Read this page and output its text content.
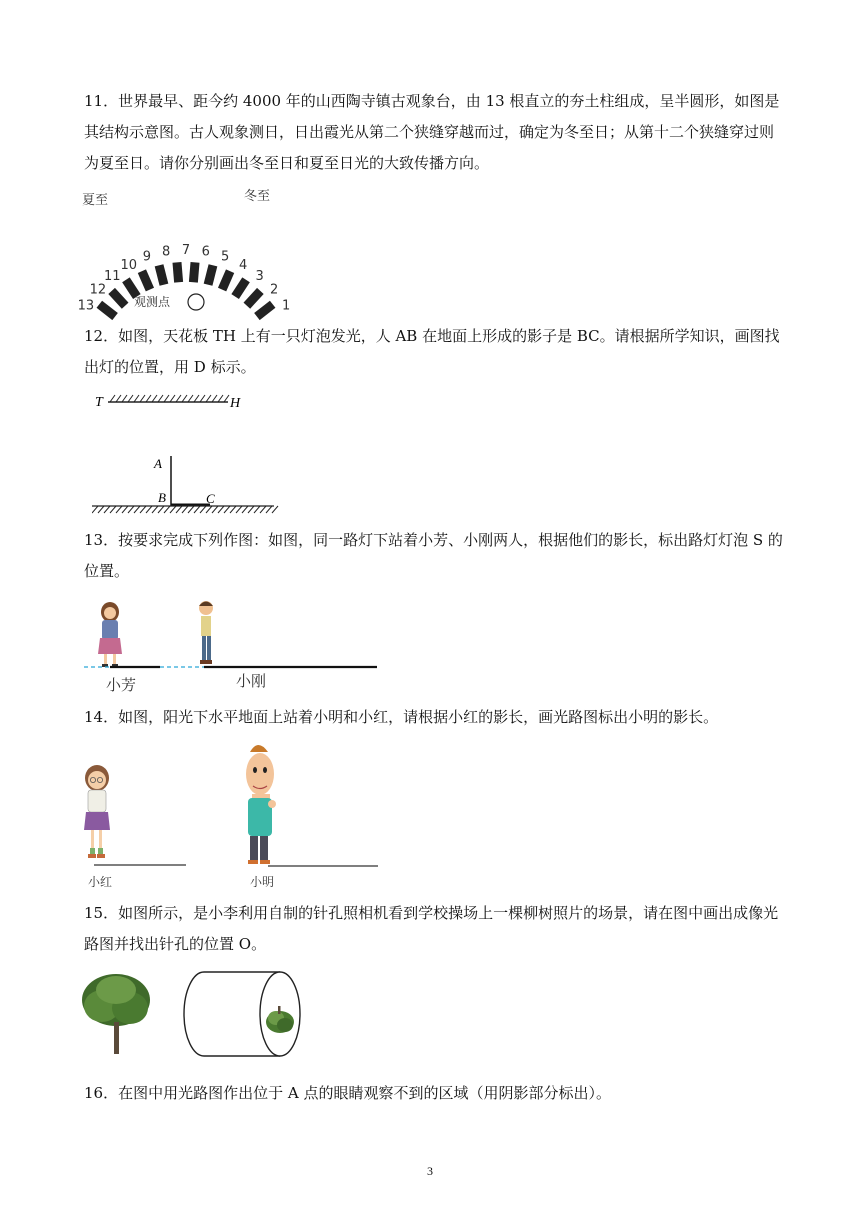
11．世界最早、距今约 4000 年的山西陶寺镇古观象台，由 13 根直立的夯土柱组成，呈半圆形，如图是其结构示意图。古人观象测日，日出霞光从第二个狭缝穿越而过，确定为冬至日；从第十二个狭缝穿过则为夏至日。请你分别画出冬至日和夏至日光的大致传播方向。

夏至	冬至
13
12
11
10
9 8 7 6 5
4
3
2
1
观测点

12．如图，天花板 TH 上有一只灯泡发光，人 AB 在地面上形成的影子是 BC。请根据所学知识，画图找出灯的位置，用 D 标示。

T	H
A
B	C

13．按要求完成下列作图：如图，同一路灯下站着小芳、小刚两人，根据他们的影长，标出路灯灯泡 S 的位置。

小芳	小刚

14．如图，阳光下水平地面上站着小明和小红，请根据小红的影长，画光路图标出小明的影长。

小红	小明

15．如图所示，是小李利用自制的针孔照相机看到学校操场上一棵柳树照片的场景，请在图中画出成像光路图并找出针孔的位置 O。

16．在图中用光路图作出位于 A 点的眼睛观察不到的区域（用阴影部分标出）。

3
